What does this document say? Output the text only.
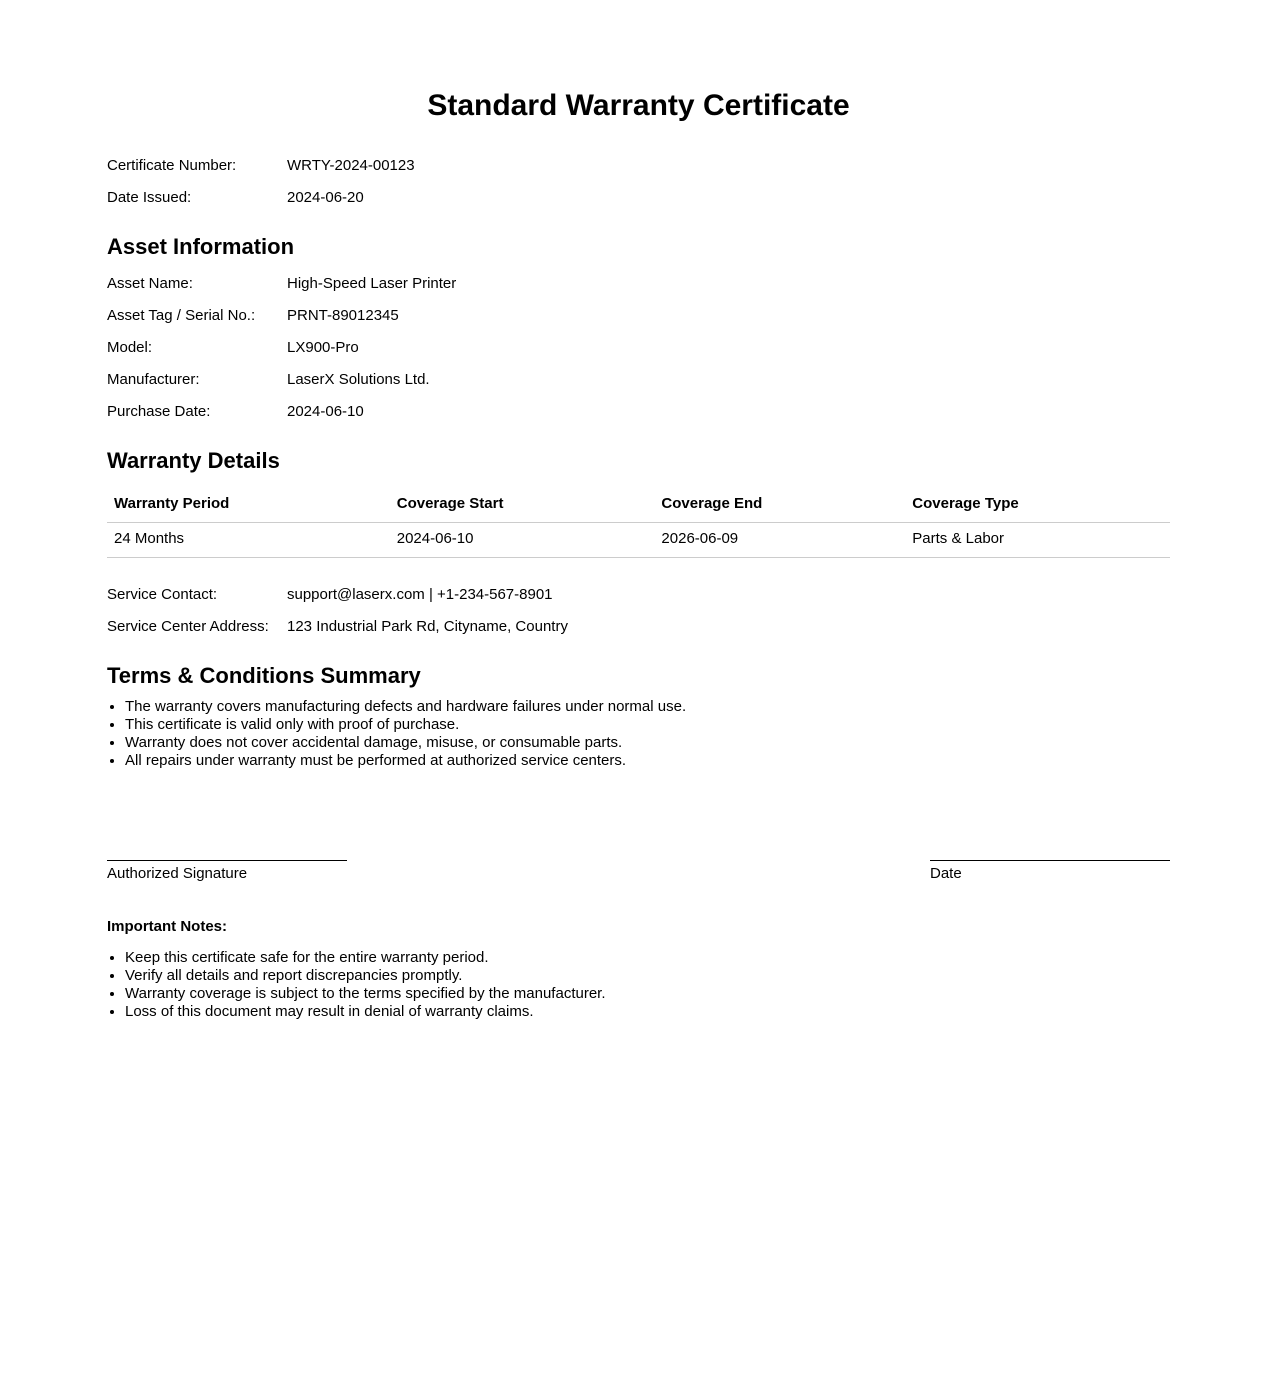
Standard Warranty Certificate
Certificate Number:	WRTY-2024-00123
Date Issued:	2024-06-20
Asset Information
Asset Name:	High-Speed Laser Printer
Asset Tag / Serial No.:	PRNT-89012345
Model:	LX900-Pro
Manufacturer:	LaserX Solutions Ltd.
Purchase Date:	2024-06-10
Warranty Details
Warranty Period	Coverage Start	Coverage End	Coverage Type
24 Months	2024-06-10	2026-06-09	Parts & Labor
Service Contact:	support@laserx.com | +1-234-567-8901
Service Center Address:	123 Industrial Park Rd, Cityname, Country
Terms & Conditions Summary
• The warranty covers manufacturing defects and hardware failures under normal use.
• This certificate is valid only with proof of purchase.
• Warranty does not cover accidental damage, misuse, or consumable parts.
• All repairs under warranty must be performed at authorized service centers.
Authorized Signature	Date

Important Notes:

• Keep this certificate safe for the entire warranty period.
• Verify all details and report discrepancies promptly.
• Warranty coverage is subject to the terms specified by the manufacturer.
• Loss of this document may result in denial of warranty claims.
